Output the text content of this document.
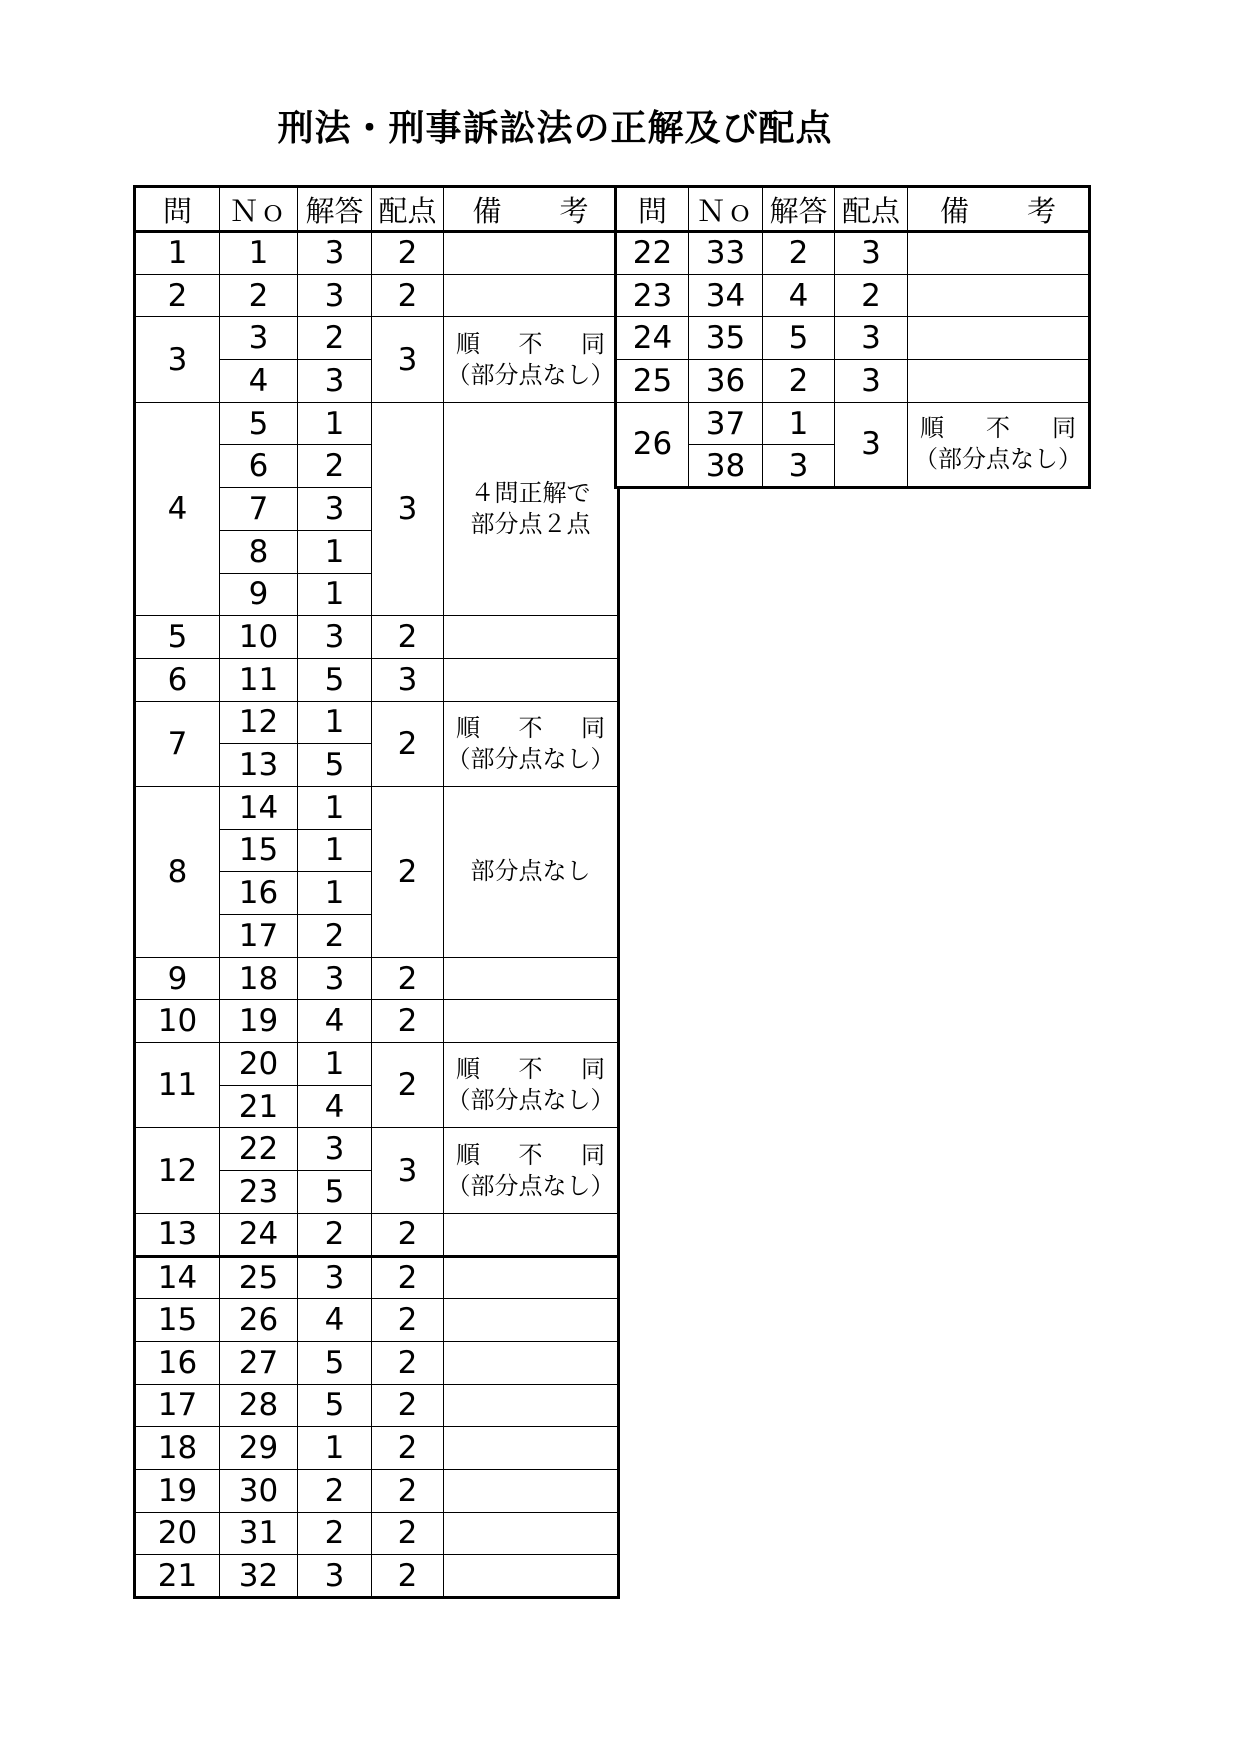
刑法・刑事訴訟法の正解及び配点
問	Ｎｏ	解答	配点	備　　考
1	1	3	2	
2	2	3	2	
3	3	2	3	順 不 同
（部分点なし）

	4	3		
4	5	1	3	４問正解で
部分点２点

	6	2		
	7	3		
	8	1		
	9	1		
5	10	3	2	
6	11	5	3	
7	12	1	2	順 不 同
（部分点なし）

	13	5		
8	14	1	2	部分点なし

	15	1		
	16	1		
	17	2		
9	18	3	2	
10	19	4	2	
11	20	1	2	順 不 同
（部分点なし）

	21	4		
12	22	3	3	順 不 同
（部分点なし）

	23	5		
13	24	2	2	
14	25	3	2	
15	26	4	2	
16	27	5	2	
17	28	5	2	
18	29	1	2	
19	30	2	2	
20	31	2	2	
21	32	3	2	
問	Ｎｏ	解答	配点	備　　考
22	33	2	3	
23	34	4	2	
24	35	5	3	
25	36	2	3	
26	37	1	3	順 不 同
（部分点なし）

	38	3		
